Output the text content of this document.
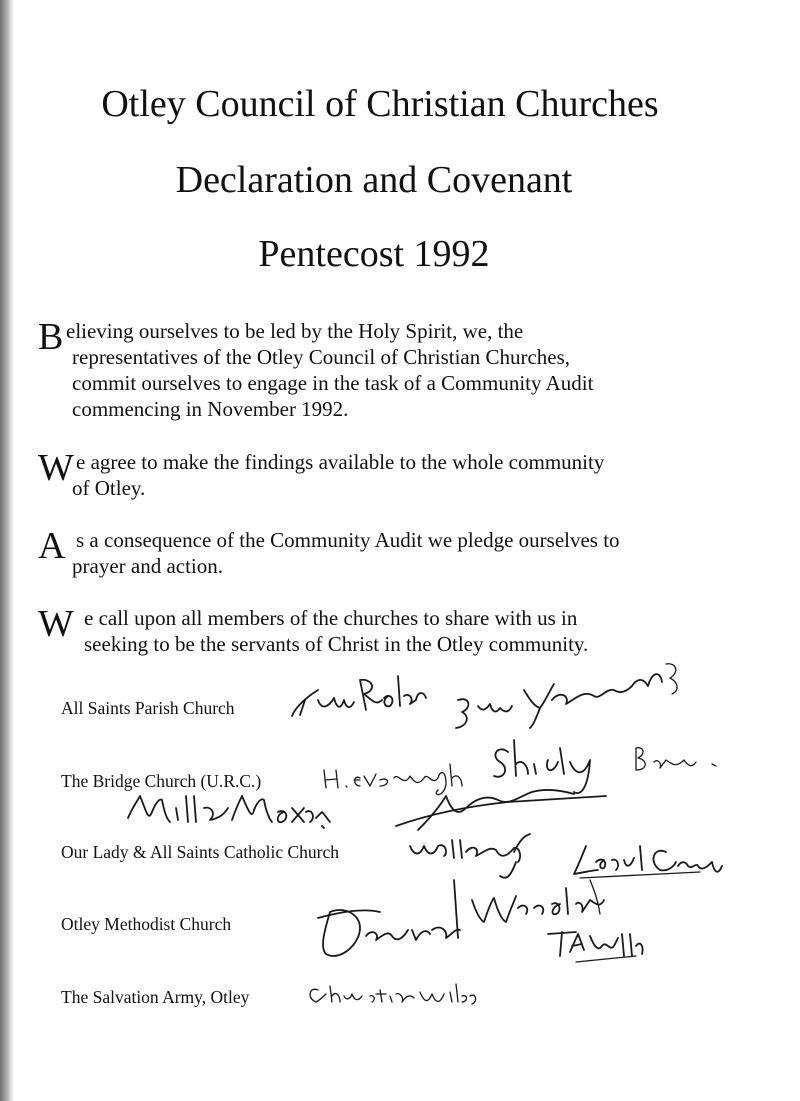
Otley Council of Christian Churches
Declaration and Covenant
Pentecost 1992
B elieving ourselves to be led by the Holy Spirit, we, the
representatives of the Otley Council of Christian Churches,
commit ourselves to engage in the task of a Community Audit
commencing in November 1992.
W e agree to make the findings available to the whole community
of Otley.
A s a consequence of the Community Audit we pledge ourselves to
prayer and action.
W e call upon all members of the churches to share with us in
seeking to be the servants of Christ in the Otley community.
All Saints Parish Church
The Bridge Church (U.R.C.)
Our Lady & All Saints Catholic Church
Otley Methodist Church
The Salvation Army, Otley
